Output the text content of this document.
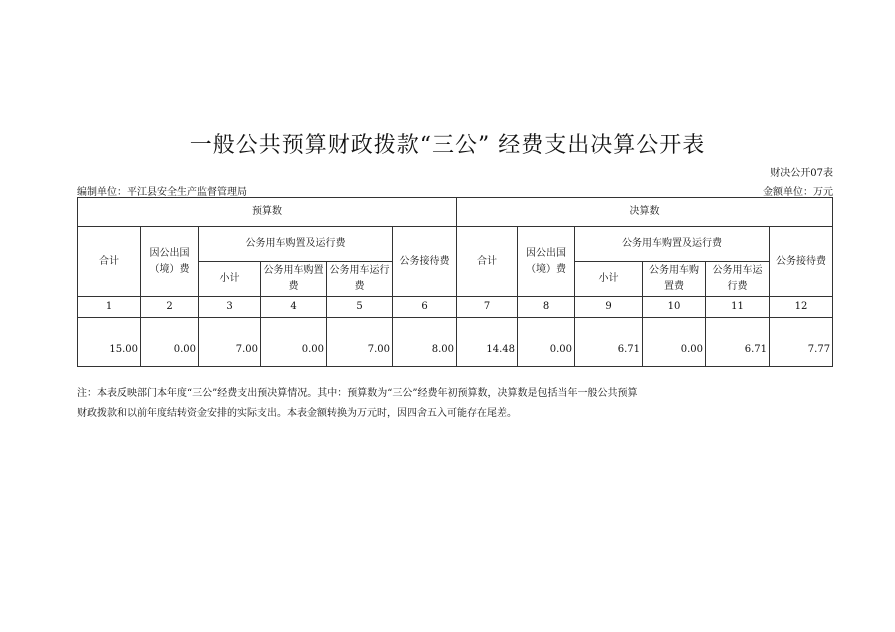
一般公共预算财政拨款“三公” 经费支出决算公开表
财决公开07表
编制单位：平江县安全生产监督管理局	金额单位：万元
预算数						决算数					
合计	因公出国（境）费	公务用车购置及运行费			公务接待费	合计	因公出国（境）费	公务用车购置及运行费			公务接待费
		小计	公务用车购置费	公务用车运行费				小计	公务用车购置费	公务用车运行费	
1	2	3	4	5	6	7	8	9	10	11	12
15.00	0.00	7.00	0.00	7.00	8.00	14.48	0.00	6.71	0.00	6.71	7.77
注：本表反映部门本年度“三公”经费支出预决算情况。其中：预算数为“三公”经费年初预算数，决算数是包括当年一般公共预算
财政拨款和以前年度结转资金安排的实际支出。本表金额转换为万元时，因四舍五入可能存在尾差。
